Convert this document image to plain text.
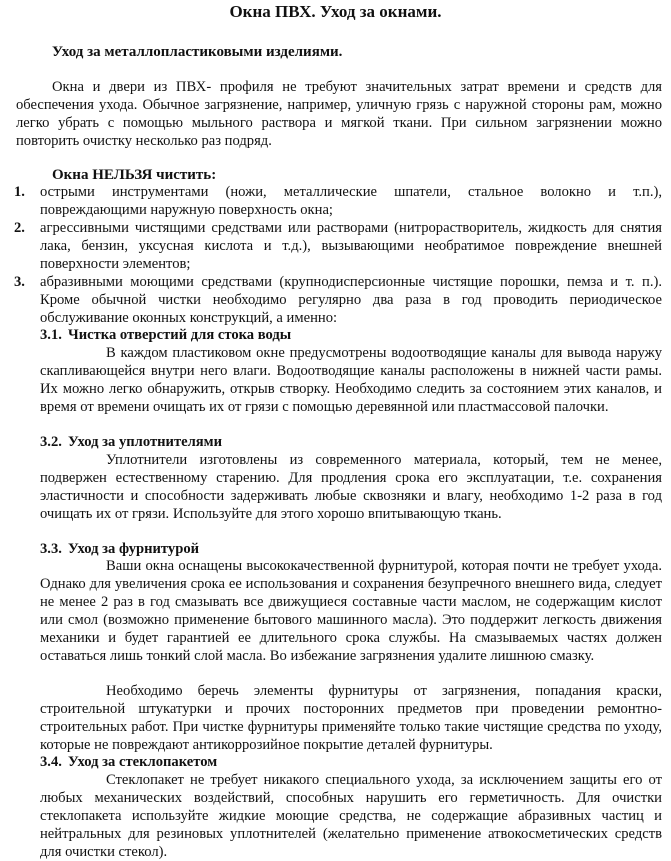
Окна ПВХ. Уход за окнами.
Уход за металлопластиковыми изделиями.
Окна и двери из ПВХ- профиля не требуют значительных затрат времени и средств для обеспечения ухода. Обычное загрязнение, например, уличную грязь с наружной стороны рам, можно легко убрать с помощью мыльного раствора и мягкой ткани. При сильном загрязнении можно повторить очистку несколько раз подряд.
Окна НЕЛЬЗЯ чистить:
1. острыми инструментами (ножи, металлические шпатели, стальное волокно и т.п.), повреждающими наружную поверхность окна;
2. агрессивными чистящими средствами или растворами (нитрорастворитель, жидкость для снятия лака, бензин, уксусная кислота и т.д.), вызывающими необратимое повреждение внешней поверхности элементов;
3. абразивными моющими средствами (крупнодисперсионные чистящие порошки, пемза и т. п.). Кроме обычной чистки необходимо регулярно два раза в год проводить периодическое обслуживание оконных конструкций, а именно:
3.1. Чистка отверстий для стока воды
В каждом пластиковом окне предусмотрены водоотводящие каналы для вывода наружу скапливающейся внутри него влаги. Водоотводящие каналы расположены в нижней части рамы. Их можно легко обнаружить, открыв створку. Необходимо следить за состоянием этих каналов, и время от времени очищать их от грязи с помощью деревянной или пластмассовой палочки.
3.2. Уход за уплотнителями
Уплотнители изготовлены из современного материала, который, тем не менее, подвержен естественному старению. Для продления срока его эксплуатации, т.е. сохранения эластичности и способности задерживать любые сквозняки и влагу, необходимо 1-2 раза в год очищать их от грязи. Используйте для этого хорошо впитывающую ткань.
3.3. Уход за фурнитурой
Ваши окна оснащены высококачественной фурнитурой, которая почти не требует ухода. Однако для увеличения срока ее использования и сохранения безупречного внешнего вида, следует не менее 2 раз в год смазывать все движущиеся составные части маслом, не содержащим кислот или смол (возможно применение бытового машинного масла). Это поддержит легкость движения механики и будет гарантией ее длительного срока службы. На смазываемых частях должен оставаться лишь тонкий слой масла. Во избежание загрязнения удалите лишнюю смазку.
Необходимо беречь элементы фурнитуры от загрязнения, попадания краски, строительной штукатурки и прочих посторонних предметов при проведении ремонтно-строительных работ. При чистке фурнитуры применяйте только такие чистящие средства по уходу, которые не повреждают антикоррозийное покрытие деталей фурнитуры.
3.4. Уход за стеклопакетом
Стеклопакет не требует никакого специального ухода, за исключением защиты его от любых механических воздействий, способных нарушить его герметичность. Для очистки стеклопакета используйте жидкие моющие средства, не содержащие абразивных частиц и нейтральных для резиновых уплотнителей (желательно применение атвокосметических средств для очистки стекол).
